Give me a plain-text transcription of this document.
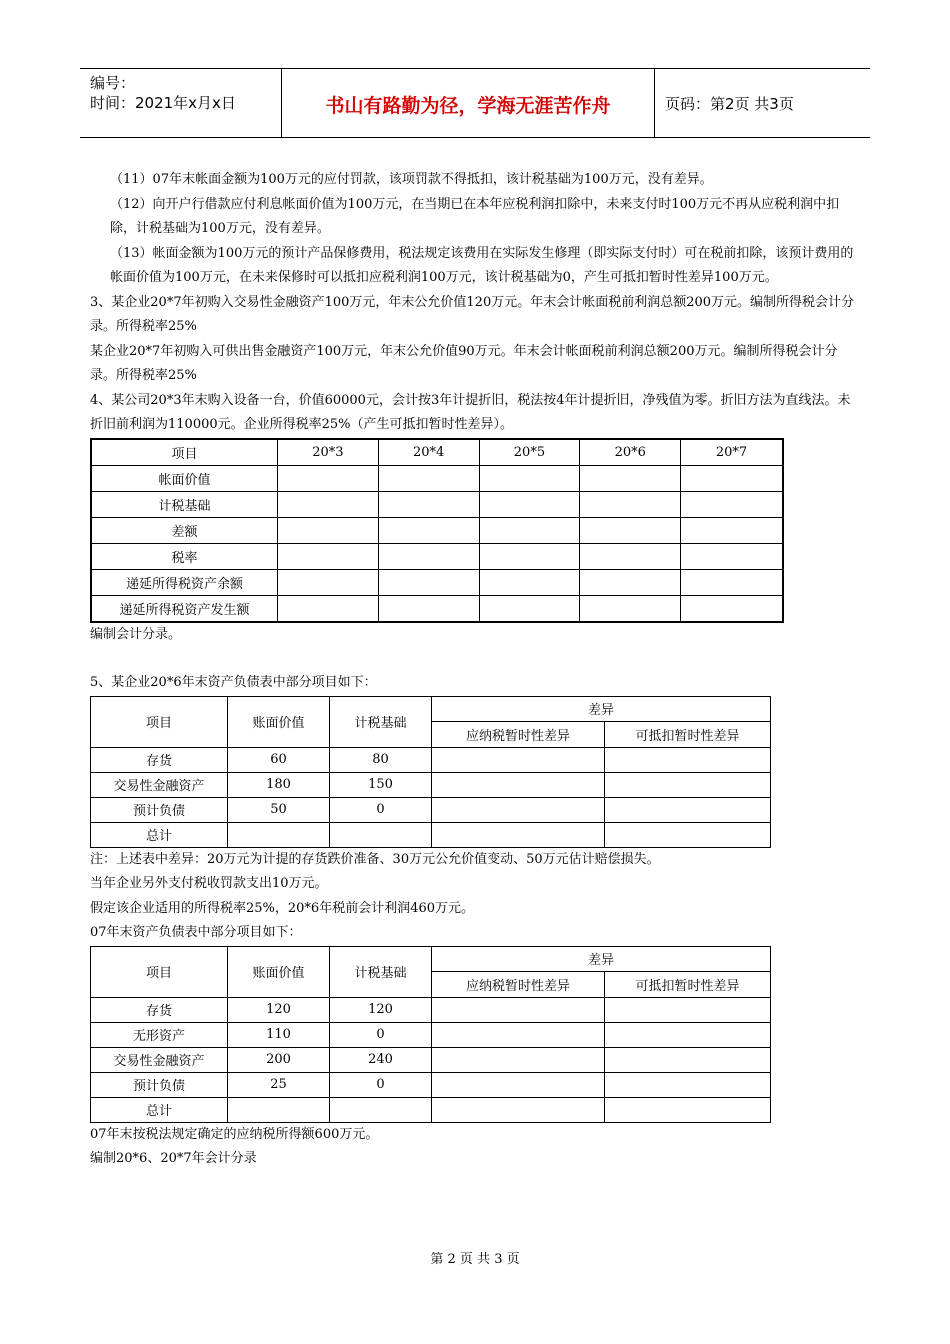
编号：
时间：2021年x月x日	书山有路勤为径，学海无涯苦作舟	页码：第2页 共3页

（11）07年末帐面金额为100万元的应付罚款，该项罚款不得抵扣，该计税基础为100万元，没有差异。

（12）向开户行借款应付利息帐面价值为100万元，在当期已在本年应税利润扣除中，未来支付时100万元不再从应税利润中扣除，计税基础为100万元，没有差异。

（13）帐面金额为100万元的预计产品保修费用，税法规定该费用在实际发生修理（即实际支付时）可在税前扣除，该预计费用的帐面价值为100万元，在未来保修时可以抵扣应税利润100万元，该计税基础为0，产生可抵扣暂时性差异100万元。

3、某企业20*7年初购入交易性金融资产100万元，年末公允价值120万元。年末会计帐面税前利润总额200万元。编制所得税会计分录。所得税率25%

某企业20*7年初购入可供出售金融资产100万元，年末公允价值90万元。年末会计帐面税前利润总额200万元。编制所得税会计分录。所得税率25%

4、某公司20*3年末购入设备一台，价值60000元，会计按3年计提折旧，税法按4年计提折旧，净残值为零。折旧方法为直线法。未折旧前利润为110000元。企业所得税率25%（产生可抵扣暂时性差异）。

项目	20*3	20*4	20*5	20*6	20*7
帐面价值					
计税基础					
差额					
税率					
递延所得税资产余额					
递延所得税资产发生额					

编制会计分录。

5、某企业20*6年末资产负债表中部分项目如下：

项目	账面价值	计税基础	差异	
			应纳税暂时性差异	可抵扣暂时性差异
存货	60	80		
交易性金融资产	180	150		
预计负债	50	0		
总计				

注：上述表中差异：20万元为计提的存货跌价准备、30万元公允价值变动、50万元估计赔偿损失。

当年企业另外支付税收罚款支出10万元。

假定该企业适用的所得税率25%，20*6年税前会计利润460万元。

07年末资产负债表中部分项目如下：

项目	账面价值	计税基础	差异	
			应纳税暂时性差异	可抵扣暂时性差异
存货	120	120		
无形资产	110	0		
交易性金融资产	200	240		
预计负债	25	0		
总计				

07年末按税法规定确定的应纳税所得额600万元。

编制20*6、20*7年会计分录

第 2 页 共 3 页
